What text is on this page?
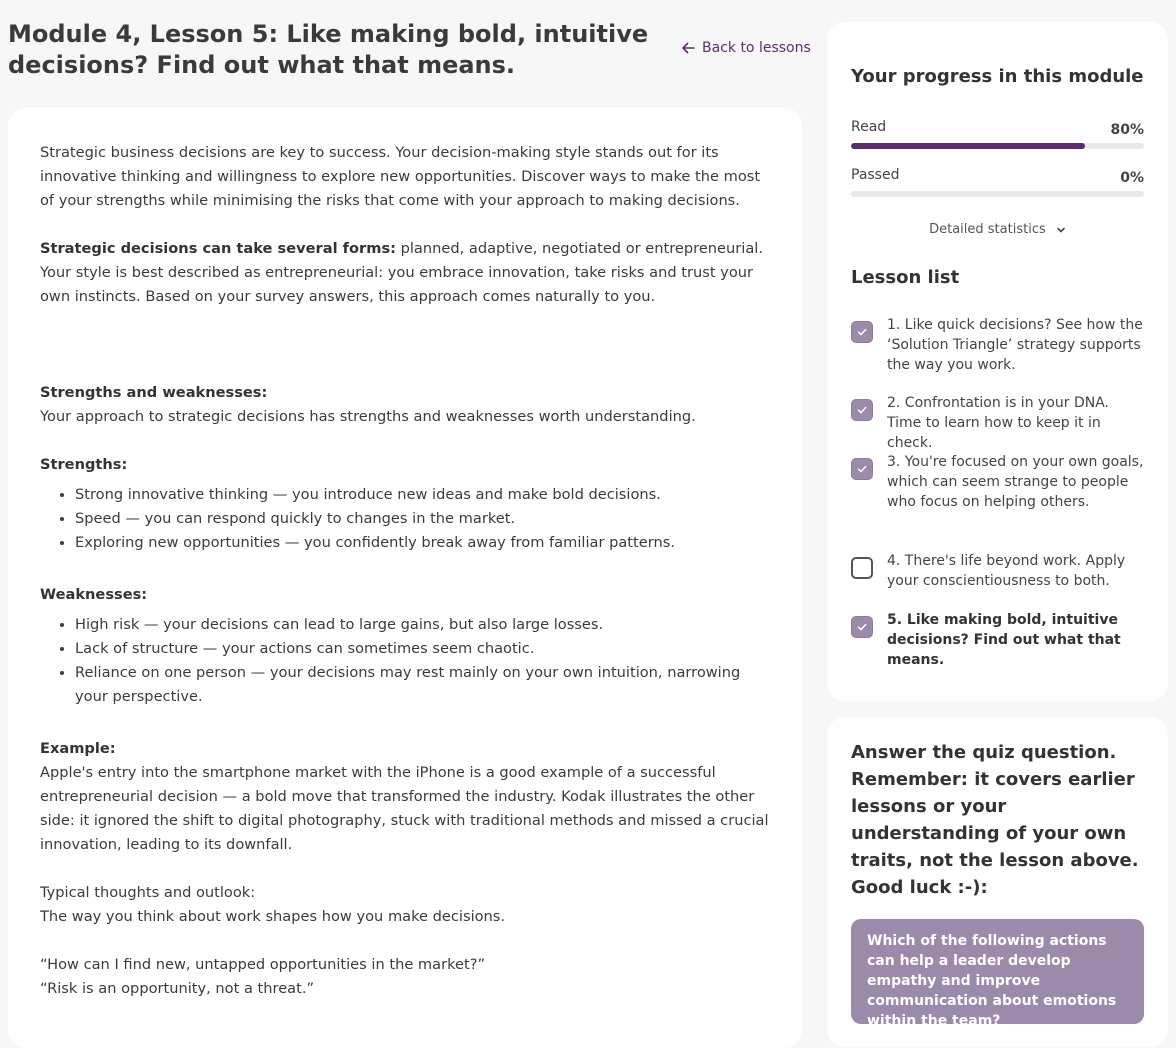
Module 4, Lesson 5: Like making bold, intuitive decisions? Find out what that means.
Back to lessons

Strategic business decisions are key to success. Your decision-making style stands out for its innovative thinking and willingness to explore new opportunities. Discover ways to make the most of your strengths while minimising the risks that come with your approach to making decisions.

Strategic decisions can take several forms: planned, adaptive, negotiated or entrepreneurial. Your style is best described as entrepreneurial: you embrace innovation, take risks and trust your own instincts. Based on your survey answers, this approach comes naturally to you.

Strengths and weaknesses:

Your approach to strategic decisions has strengths and weaknesses worth understanding.

Strengths:

• Strong innovative thinking — you introduce new ideas and make bold decisions.
• Speed — you can respond quickly to changes in the market.
• Exploring new opportunities — you confidently break away from familiar patterns.

Weaknesses:

• High risk — your decisions can lead to large gains, but also large losses.
• Lack of structure — your actions can sometimes seem chaotic.
• Reliance on one person — your decisions may rest mainly on your own intuition, narrowing your perspective.

Example:

Apple's entry into the smartphone market with the iPhone is a good example of a successful entrepreneurial decision — a bold move that transformed the industry. Kodak illustrates the other side: it ignored the shift to digital photography, stuck with traditional methods and missed a crucial innovation, leading to its downfall.

Typical thoughts and outlook:

The way you think about work shapes how you make decisions.

“How can I find new, untapped opportunities in the market?”

“Risk is an opportunity, not a threat.”

Your progress in this module
Read	80%
Passed	0%
Detailed statistics
Lesson list
1. Like quick decisions? See how the ‘Solution Triangle’ strategy supports the way you work.
2. Confrontation is in your DNA. Time to learn how to keep it in check.
3. You're focused on your own goals, which can seem strange to people who focus on helping others.
4. There's life beyond work. Apply your conscientiousness to both.
5. Like making bold, intuitive decisions? Find out what that means.
Answer the quiz question. Remember: it covers earlier lessons or your understanding of your own traits, not the lesson above. Good luck :-):
Which of the following actions can help a leader develop empathy and improve communication about emotions within the team?
